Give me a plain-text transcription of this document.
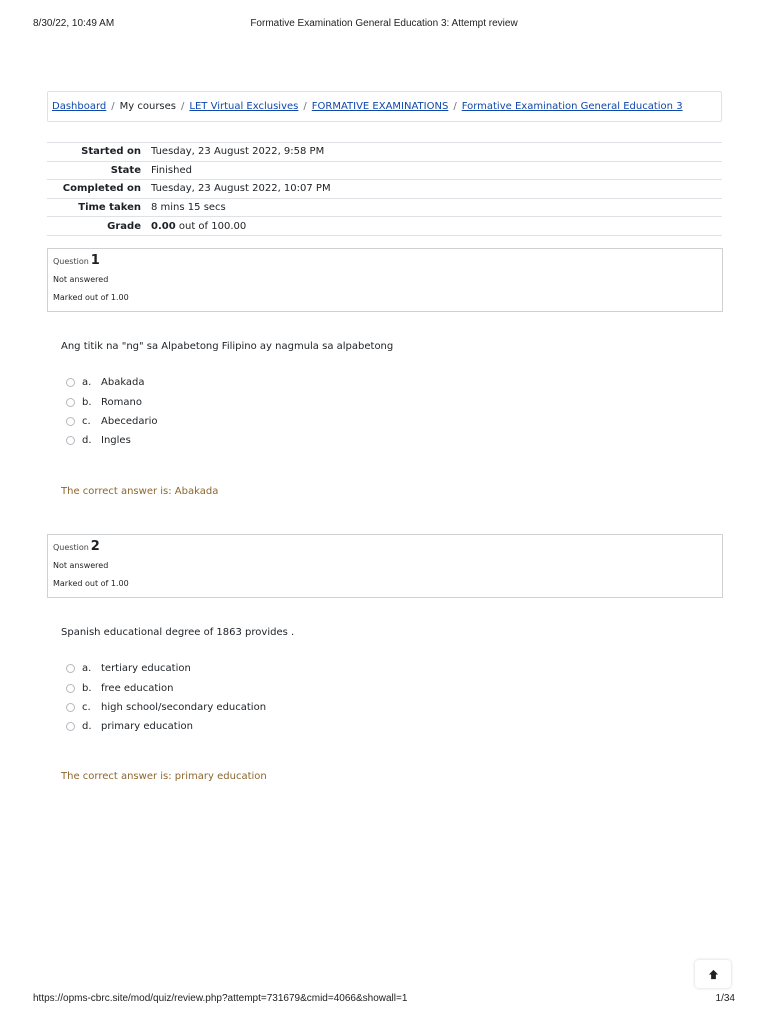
8/30/22, 10:49 AM	Formative Examination General Education 3: Attempt review
Dashboard / My courses / LET Virtual Exclusives / FORMATIVE EXAMINATIONS / Formative Examination General Education 3
Started on	Tuesday, 23 August 2022, 9:58 PM
State	Finished
Completed on	Tuesday, 23 August 2022, 10:07 PM
Time taken	8 mins 15 secs
Grade	0.00 out of 100.00
Question 1
Not answered
Marked out of 1.00
Ang titik na "ng" sa Alpabetong Filipino ay nagmula sa alpabetong
a. Abakada
b. Romano
c.	Abecedario
d. Ingles
The correct answer is: Abakada
Question 2
Not answered
Marked out of 1.00
Spanish educational degree of 1863 provides .
a. tertiary education
b. free education
c.	high school/secondary education
d. primary education
The correct answer is: primary education
https://opms-cbrc.site/mod/quiz/review.php?attempt=731679&cmid=4066&showall=1	1/34
